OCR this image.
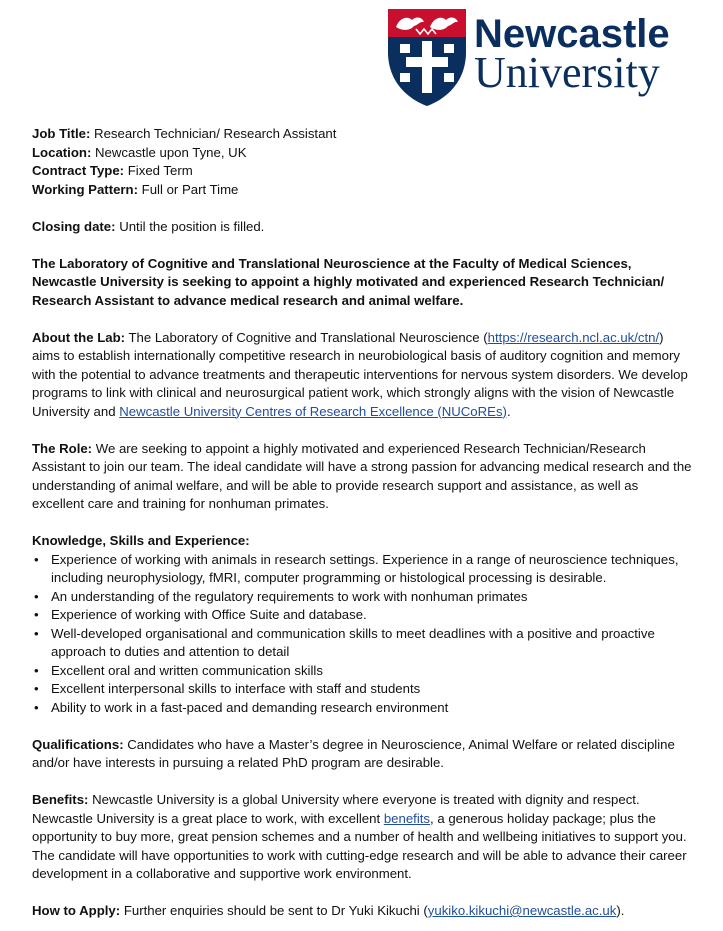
Newcastle
University

Job Title: Research Technician/ Research Assistant

Location: Newcastle upon Tyne, UK

Contract Type: Fixed Term

Working Pattern: Full or Part Time

Closing date: Until the position is filled.

The Laboratory of Cognitive and Translational Neuroscience at the Faculty of Medical Sciences, Newcastle University is seeking to appoint a highly motivated and experienced Research Technician/ Research Assistant to advance medical research and animal welfare.

About the Lab: The Laboratory of Cognitive and Translational Neuroscience (https://research.ncl.ac.uk/ctn/) aims to establish internationally competitive research in neurobiological basis of auditory cognition and memory with the potential to advance treatments and therapeutic interventions for nervous system disorders. We develop programs to link with clinical and neurosurgical patient work, which strongly aligns with the vision of Newcastle University and Newcastle University Centres of Research Excellence (NUCoREs).

The Role: We are seeking to appoint a highly motivated and experienced Research Technician/Research Assistant to join our team. The ideal candidate will have a strong passion for advancing medical research and the understanding of animal welfare, and will be able to provide research support and assistance, as well as excellent care and training for nonhuman primates.

Knowledge, Skills and Experience:

• Experience of working with animals in research settings. Experience in a range of neuroscience techniques, including neurophysiology, fMRI, computer programming or histological processing is desirable.
• An understanding of the regulatory requirements to work with nonhuman primates
• Experience of working with Office Suite and database.
• Well-developed organisational and communication skills to meet deadlines with a positive and proactive approach to duties and attention to detail
• Excellent oral and written communication skills
• Excellent interpersonal skills to interface with staff and students
• Ability to work in a fast-paced and demanding research environment

Qualifications: Candidates who have a Master’s degree in Neuroscience, Animal Welfare or related discipline and/or have interests in pursuing a related PhD program are desirable.

Benefits: Newcastle University is a global University where everyone is treated with dignity and respect. Newcastle University is a great place to work, with excellent benefits, a generous holiday package; plus the opportunity to buy more, great pension schemes and a number of health and wellbeing initiatives to support you. The candidate will have opportunities to work with cutting-edge research and will be able to advance their career development in a collaborative and supportive work environment.

How to Apply: Further enquiries should be sent to Dr Yuki Kikuchi (yukiko.kikuchi@newcastle.ac.uk).
